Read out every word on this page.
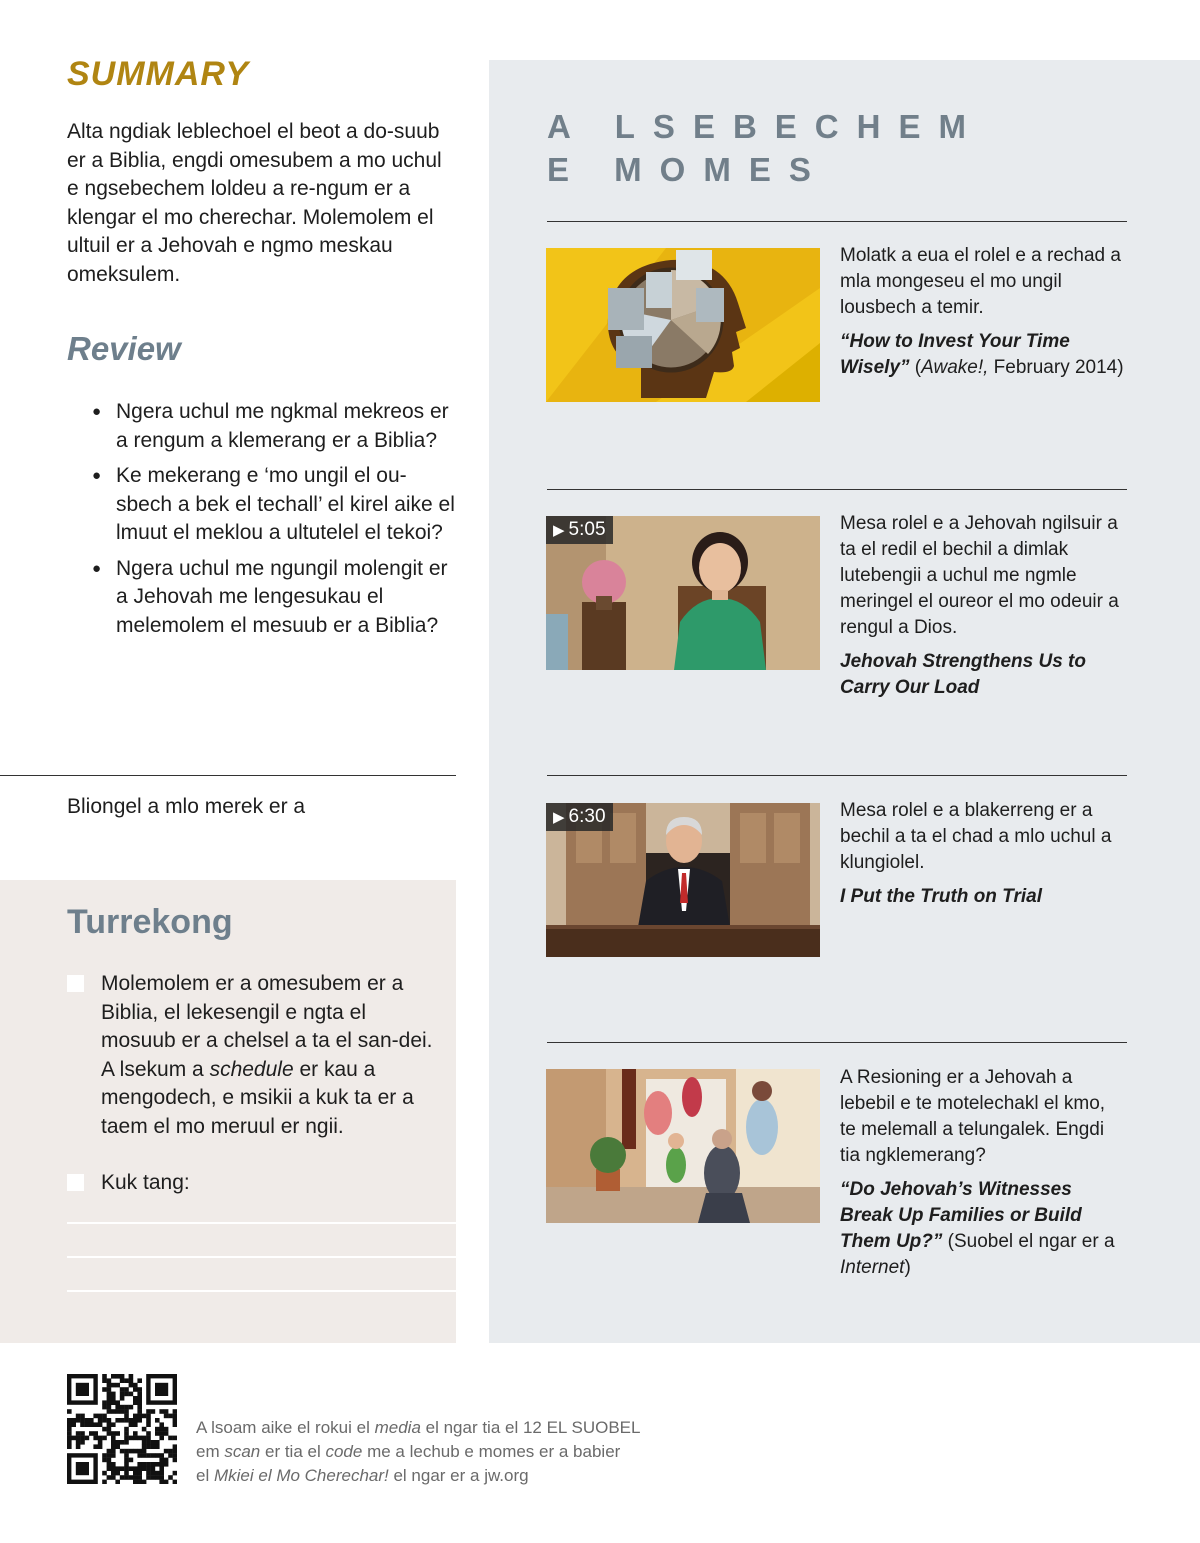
SUMMARY

Alta ngdiak leblechoel el beot a do-suub er a Biblia, engdi omesubem a mo uchul e ngsebechem loldeu a re-ngum er a klengar el mo cherechar. Molemolem el ultuil er a Jehovah e ngmo meskau omeksulem.

Review
● Ngera uchul me ngkmal mekreos er a rengum a klemerang er a Biblia?
● Ke mekerang e ‘mo ungil el ou-sbech a bek el techall’ el kirel aike el lmuut el meklou a ultutelel el tekoi?
● Ngera uchul me ngungil molengit er a Jehovah me lengesukau el melemolem el mesuub er a Biblia?

Bliongel a mlo merek er a

Turrekong
Molemolem er a omesubem er a Biblia, el lekesengil e ngta el mosuub er a chelsel a ta el san-dei. A lsekum a schedule er kau a mengodech, e msikii a kuk ta er a taem el mo meruul er ngii.
Kuk tang:
A LSEBECHEM
E MOMES

Molatk a eua el rolel e a rechad a mla mongeseu el mo ungil lousbech a temir.

“How to Invest Your Time Wisely” (Awake!, February 2014)

▶ 5:05	Mesa rolel e a Jehovah ngilsuir a ta el redil el bechil a dimlak lutebengii a uchul me ngmle meringel el oureor el mo odeuir a rengul a Dios.

Jehovah Strengthens Us to Carry Our Load

▶ 6:30	Mesa rolel e a blakerreng er a bechil a ta el chad a mlo uchul a klungiolel.

I Put the Truth on Trial

A Resioning er a Jehovah a lebebil e te motelechakl el kmo, te melemall a telungalek. Engdi tia ngklemerang?

“Do Jehovah’s Witnesses Break Up Families or Build Them Up?” (Suobel el ngar er a Internet)

A lsoam aike el rokui el media el ngar tia el 12 EL SUOBEL
em scan er tia el code me a lechub e momes er a babier
el Mkiei el Mo Cherechar! el ngar er a jw.org
